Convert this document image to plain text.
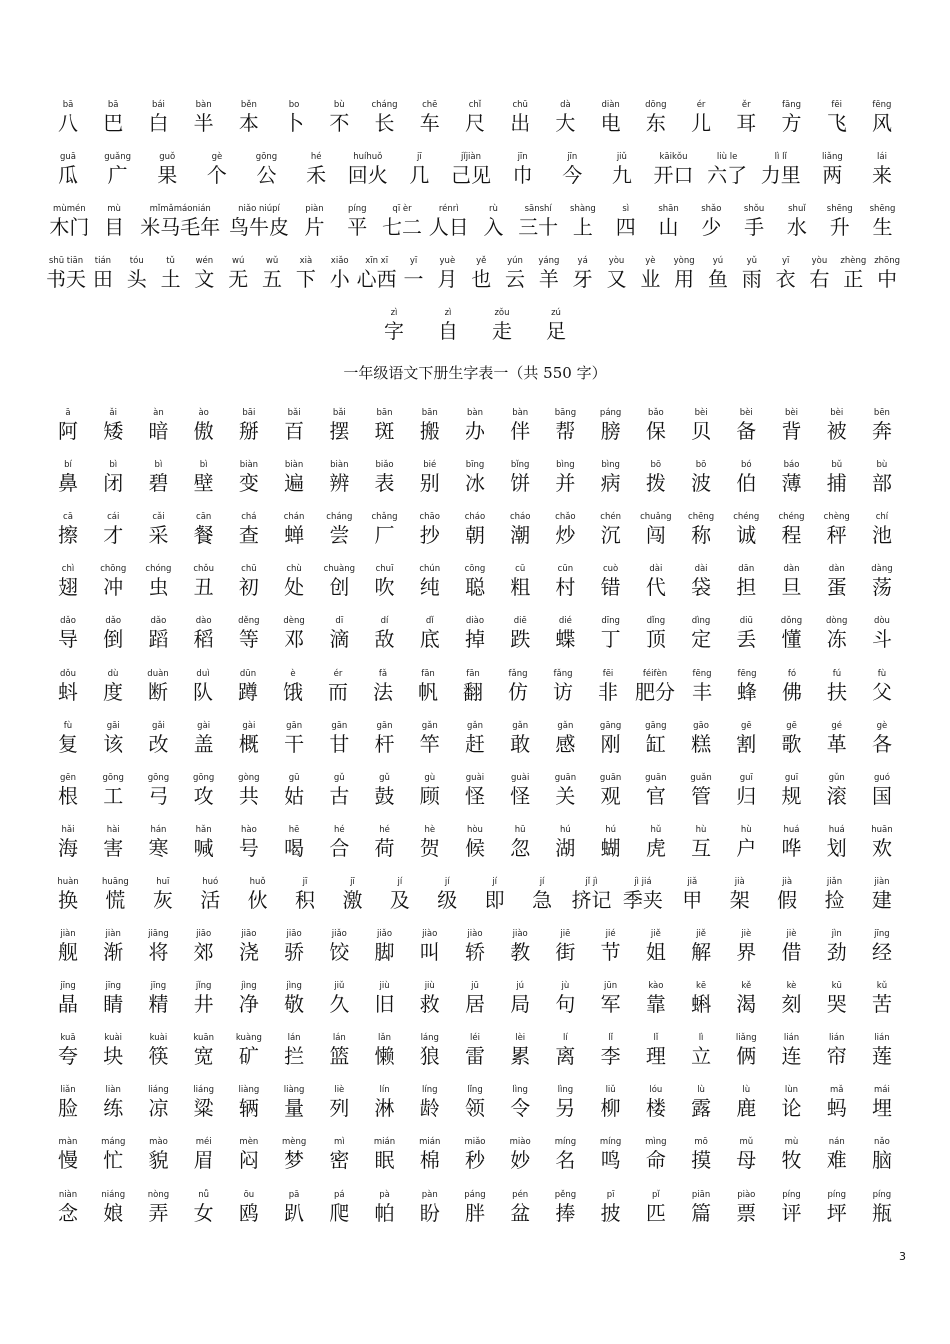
bā
八
bā
巴
bái
白
bàn
半
běn
本
bo
卜
bù
不
cháng
长
chē
车
chǐ
尺
chū
出
dà
大
diàn
电
dōng
东
ér
儿
ěr
耳
fāng
方
fēi
飞
fēng
风
guā
瓜
guǎng
广
guǒ
果
gè
个
gōng
公
hé
禾
huíhuǒ
回火
jī
几
jǐjiàn
己见
jīn
巾
jīn
今
jiǔ
九
kāikǒu
开口
liù le
六了
lì lǐ
力里
liǎng
两
lái
来
mùmén
木门
mù
目
mǐmǎmáonián
米马毛年
niǎo niúpí
鸟牛皮
piàn
片
píng
平
qī èr
七二
rénrì
人日
rù
入
sānshí
三十
shàng
上
sì
四
shān
山
shǎo
少
shǒu
手
shuǐ
水
shēng
升
shēng
生
shū tiān
书天
tián
田
tóu
头
tǔ
土
wén
文
wú
无
wǔ
五
xià
下
xiǎo
小
xīn xī
心西
yī
一
yuè
月
yě
也
yún
云
yáng
羊
yá
牙
yòu
又
yè
业
yòng
用
yú
鱼
yǔ
雨
yī
衣
yòu
右
zhèng
正
zhōng
中
zì
字
zì
自
zǒu
走
zú
足
一年级语文下册生字表一（共 550 字）
ā
阿
ǎi
矮
àn
暗
ào
傲
bāi
掰
bǎi
百
bǎi
摆
bān
斑
bān
搬
bàn
办
bàn
伴
bāng
帮
páng
膀
bǎo
保
bèi
贝
bèi
备
bèi
背
bèi
被
bēn
奔
bí
鼻
bì
闭
bì
碧
bì
壁
biàn
变
biàn
遍
biàn
辨
biǎo
表
bié
别
bīng
冰
bǐng
饼
bìng
并
bìng
病
bō
拨
bō
波
bó
伯
báo
薄
bǔ
捕
bù
部
cā
擦
cái
才
cǎi
采
cān
餐
chá
查
chán
蝉
cháng
尝
chǎng
厂
chāo
抄
cháo
朝
cháo
潮
chǎo
炒
chén
沉
chuǎng
闯
chēng
称
chéng
诚
chéng
程
chèng
秤
chí
池
chì
翅
chōng
冲
chóng
虫
chǒu
丑
chū
初
chù
处
chuàng
创
chuī
吹
chún
纯
cōng
聪
cū
粗
cūn
村
cuò
错
dài
代
dài
袋
dān
担
dàn
旦
dàn
蛋
dàng
荡
dǎo
导
dǎo
倒
dǎo
蹈
dào
稻
děng
等
dèng
邓
dī
滴
dí
敌
dǐ
底
diào
掉
diē
跌
dié
蝶
dīng
丁
dǐng
顶
dìng
定
diū
丢
dǒng
懂
dòng
冻
dòu
斗
dǒu
蚪
dù
度
duàn
断
duì
队
dūn
蹲
è
饿
ér
而
fǎ
法
fān
帆
fān
翻
fǎng
仿
fǎng
访
fēi
非
féifèn
肥分
fēng
丰
fēng
蜂
fó
佛
fú
扶
fù
父
fù
复
gāi
该
gǎi
改
gài
盖
gài
概
gān
干
gān
甘
gān
杆
gǎn
竿
gǎn
赶
gǎn
敢
gǎn
感
gāng
刚
gāng
缸
gāo
糕
gē
割
gē
歌
gé
革
gè
各
gēn
根
gōng
工
gōng
弓
gōng
攻
gòng
共
gū
姑
gǔ
古
gǔ
鼓
gù
顾
guài
怪
guài
怪
guān
关
guān
观
guān
官
guǎn
管
guī
归
guī
规
gǔn
滚
guó
国
hǎi
海
hài
害
hán
寒
hǎn
喊
hào
号
hē
喝
hé
合
hé
荷
hè
贺
hòu
候
hū
忽
hú
湖
hú
蝴
hǔ
虎
hù
互
hù
户
huá
哗
huá
划
huān
欢
huàn
换
huāng
慌
huī
灰
huó
活
huǒ
伙
jī
积
jī
激
jí
及
jí
级
jí
即
jí
急
jǐ jì
挤记
jì jiá
季夹
jiǎ
甲
jià
架
jià
假
jiǎn
捡
jiàn
建
jiàn
舰
jiàn
渐
jiāng
将
jiāo
郊
jiāo
浇
jiāo
骄
jiǎo
饺
jiǎo
脚
jiào
叫
jiào
轿
jiào
教
jiē
街
jié
节
jiě
姐
jiě
解
jiè
界
jiè
借
jìn
劲
jīng
经
jīng
晶
jīng
睛
jīng
精
jǐng
井
jìng
净
jìng
敬
jiǔ
久
jiù
旧
jiù
救
jū
居
jú
局
jù
句
jūn
军
kào
靠
kē
蝌
kě
渴
kè
刻
kū
哭
kǔ
苦
kuā
夸
kuài
块
kuài
筷
kuān
宽
kuàng
矿
lán
拦
lán
篮
lǎn
懒
láng
狼
léi
雷
lèi
累
lí
离
lǐ
李
lǐ
理
lì
立
liǎng
俩
lián
连
lián
帘
lián
莲
liǎn
脸
liàn
练
liáng
凉
liáng
粱
liàng
辆
liàng
量
liè
列
lín
淋
líng
龄
lǐng
领
lìng
令
lìng
另
liǔ
柳
lóu
楼
lù
露
lù
鹿
lùn
论
mǎ
蚂
mái
埋
màn
慢
máng
忙
mào
貌
méi
眉
mèn
闷
mèng
梦
mì
密
mián
眠
mián
棉
miǎo
秒
miào
妙
míng
名
míng
鸣
mìng
命
mō
摸
mǔ
母
mù
牧
nán
难
nǎo
脑
niàn
念
niáng
娘
nòng
弄
nǚ
女
ōu
鸥
pā
趴
pá
爬
pà
帕
pàn
盼
páng
胖
pén
盆
pěng
捧
pī
披
pǐ
匹
piān
篇
piào
票
píng
评
píng
坪
píng
瓶
3
